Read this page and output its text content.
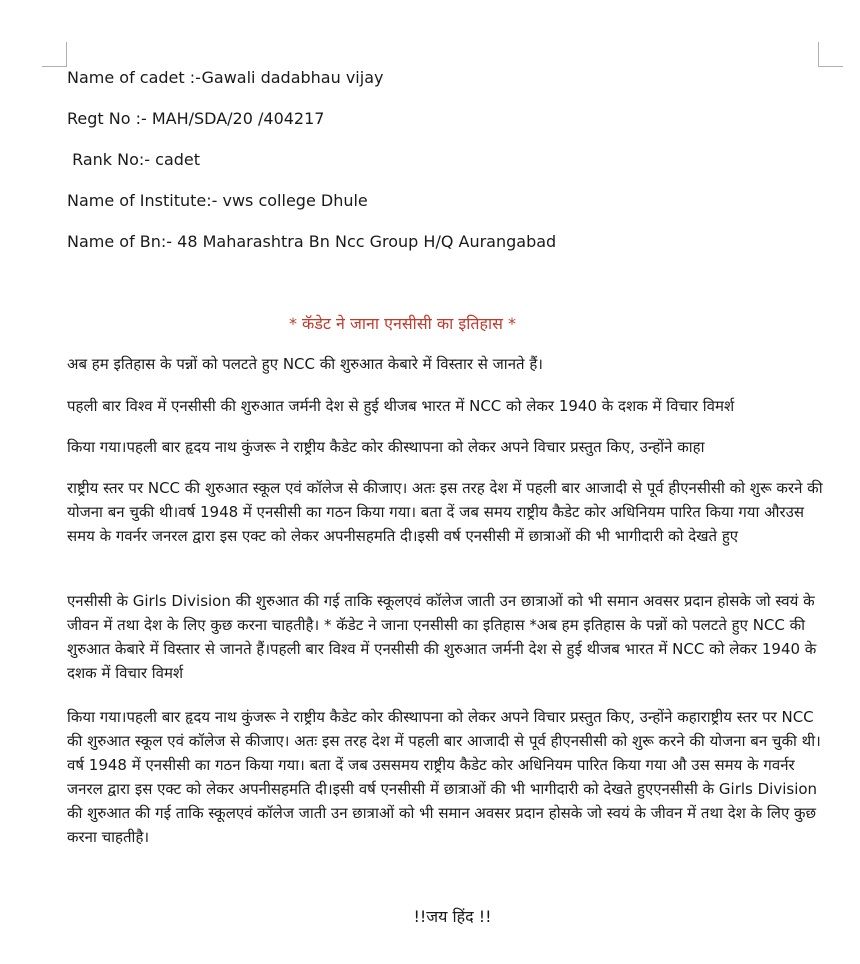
Name of cadet :-Gawali dadabhau vijay
Regt No :- MAH/SDA/20 /404217
Rank No:- cadet
Name of Institute:- vws college Dhule
Name of Bn:- 48 Maharashtra Bn Ncc Group H/Q Aurangabad
* कॅडेट ने जाना एनसीसी का इतिहास *
अब हम इतिहास के पन्नों को पलटते हुए NCC की शुरुआत केबारे में विस्तार से जानते हैं।
पहली बार विश्व में एनसीसी की शुरुआत जर्मनी देश से हुई थीजब भारत में NCC को लेकर 1940 के दशक में विचार विमर्श
किया गया।पहली बार हृदय नाथ कुंजरू ने राष्ट्रीय कैडेट कोर कीस्थापना को लेकर अपने विचार प्रस्तुत किए, उन्होंने काहा
राष्ट्रीय स्तर पर NCC की शुरुआत स्कूल एवं कॉलेज से कीजाए। अतः इस तरह देश में पहली बार आजादी से पूर्व हीएनसीसी को शुरू करने की योजना बन चुकी थी।वर्ष 1948 में एनसीसी का गठन किया गया। बता दें जब समय राष्ट्रीय कैडेट कोर अधिनियम पारित किया गया औरउस समय के गवर्नर जनरल द्वारा इस एक्ट को लेकर अपनीसहमति दी।इसी वर्ष एनसीसी में छात्राओं की भी भागीदारी को देखते हुए
एनसीसी के Girls Division की शुरुआत की गई ताकि स्कूलएवं कॉलेज जाती उन छात्राओं को भी समान अवसर प्रदान होसके जो स्वयं के जीवन में तथा देश के लिए कुछ करना चाहतीहै। * कॅडेट ने जाना एनसीसी का इतिहास *अब हम इतिहास के पन्नों को पलटते हुए NCC की शुरुआत केबारे में विस्तार से जानते हैं।पहली बार विश्व में एनसीसी की शुरुआत जर्मनी देश से हुई थीजब भारत में NCC को लेकर 1940 के दशक में विचार विमर्श
किया गया।पहली बार हृदय नाथ कुंजरू ने राष्ट्रीय कैडेट कोर कीस्थापना को लेकर अपने विचार प्रस्तुत किए, उन्होंने कहाराष्ट्रीय स्तर पर NCC की शुरुआत स्कूल एवं कॉलेज से कीजाए। अतः इस तरह देश में पहली बार आजादी से पूर्व हीएनसीसी को शुरू करने की योजना बन चुकी थी।वर्ष 1948 में एनसीसी का गठन किया गया। बता दें जब उससमय राष्ट्रीय कैडेट कोर अधिनियम पारित किया गया औ उस समय के गवर्नर जनरल द्वारा इस एक्ट को लेकर अपनीसहमति दी।इसी वर्ष एनसीसी में छात्राओं की भी भागीदारी को देखते हुएएनसीसी के Girls Division की शुरुआत की गई ताकि स्कूलएवं कॉलेज जाती उन छात्राओं को भी समान अवसर प्रदान होसके जो स्वयं के जीवन में तथा देश के लिए कुछ करना चाहतीहै।
!!जय हिंद !!
